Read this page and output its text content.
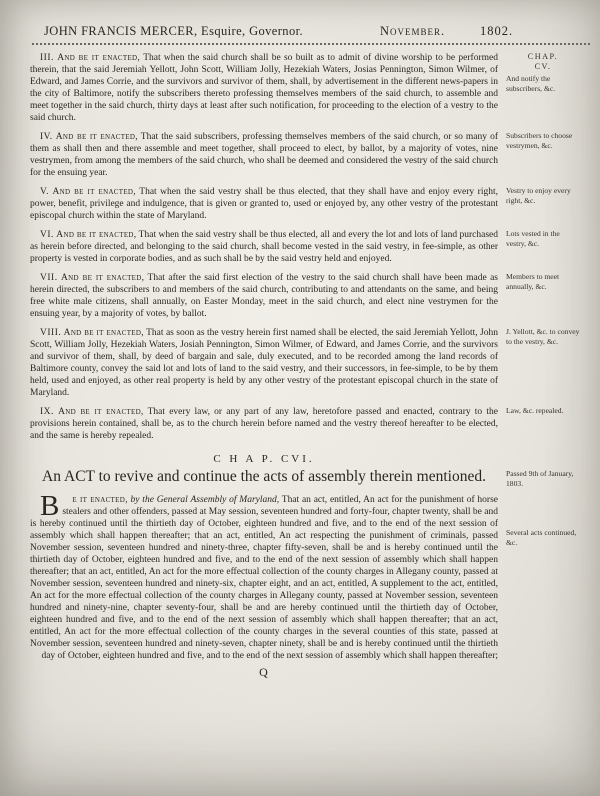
JOHN FRANCIS MERCER, Esquire, Governor.	November.	1802.

III. And be it enacted, That when the said church shall be so built as to admit of divine worship to be performed therein, that the said Jeremiah Yellott, John Scott, William Jolly, Hezekiah Waters, Josias Pennington, Simon Wilmer, of Edward, and James Corrie, and the survivors and survivor of them, shall, by advertisement in the different news-papers in the city of Baltimore, notify the subscribers thereto professing themselves members of the said church, to assemble and meet together in the said church, thirty days at least after such notification, for proceeding to the election of a vestry to the said church.

CHAP.
CV.
And notify the subscribers, &c.

IV. And be it enacted, That the said subscribers, professing themselves members of the said church, or so many of them as shall then and there assemble and meet together, shall proceed to elect, by ballot, by a majority of votes, nine vestrymen, from among the members of the said church, who shall be deemed and considered the vestry of the said church for the ensuing year.

Subscribers to choose vestrymen, &c.

V. And be it enacted, That when the said vestry shall be thus elected, that they shall have and enjoy every right, power, benefit, privilege and indulgence, that is given or granted to, used or enjoyed by, any other vestry of the protestant episcopal church within the state of Maryland.

Vestry to enjoy every right, &c.

VI. And be it enacted, That when the said vestry shall be thus elected, all and every the lot and lots of land purchased as herein before directed, and belonging to the said church, shall become vested in the said vestry, in fee-simple, as other property is vested in corporate bodies, and as such shall be by the said vestry held and enjoyed.

Lots vested in the vestry, &c.

VII. And be it enacted, That after the said first election of the vestry to the said church shall have been made as herein directed, the subscribers to and members of the said church, contributing to and attendants on the same, and being free white male citizens, shall annually, on Easter Monday, meet in the said church, and elect nine vestrymen for the ensuing year, by a majority of votes, by ballot.

Members to meet annually, &c.

VIII. And be it enacted, That as soon as the vestry herein first named shall be elected, the said Jeremiah Yellott, John Scott, William Jolly, Hezekiah Waters, Josiah Pennington, Simon Wilmer, of Edward, and James Corrie, and the survivors and survivor of them, shall, by deed of bargain and sale, duly executed, and to be recorded among the land records of Baltimore county, convey the said lot and lots of land to the said vestry, and their successors, in fee-simple, to be by them held, used and enjoyed, as other real property is held by any other vestry of the protestant episcopal church in the state of Maryland.

J. Yellott, &c. to convey to the vestry, &c.

IX. And be it enacted, That every law, or any part of any law, heretofore passed and enacted, contrary to the provisions herein contained, shall be, as to the church herein before named and the vestry thereof hereafter to be elected, and the same is hereby repealed.

Law, &c. repealed.

C H A P. CVI.

An ACT to revive and continue the acts of assembly therein mentioned.	Passed 9th of January, 1803.

B	e it enacted, by the General Assembly of Maryland, That an act, entitled, An act for the punishment of horse stealers and other offenders, passed at May session, seventeen hundred and forty-four, chapter twenty, shall be and is hereby continued until the thirtieth day of October, eighteen hundred and five, and to the end of the next session of assembly which shall happen thereafter; that an act, entitled, An act respecting the punishment of criminals, passed November session, seventeen hundred and ninety-three, chapter fifty-seven, shall be and is hereby continued until the thirtieth day of October, eighteen hundred and five, and to the end of the next session of assembly which shall happen thereafter; that an act, entitled, An act for the more effectual collection of the county charges in Allegany county, passed at November session, seventeen hundred and ninety-six, chapter eight, and an act, entitled, A supplement to the act, entitled, An act for the more effectual collection of the county charges in Allegany county, passed at November session, seventeen hundred and ninety-nine, chapter seventy-four, shall be and are hereby continued until the thirtieth day of October, eighteen hundred and five, and to the end of the next session of assembly which shall happen thereafter; that an act, entitled, An act for the more effectual collection of the county charges in the several counties of this state, passed at November session, seventeen hundred and ninety-seven, chapter ninety, shall be and is hereby continued until the thirtieth day of October, eighteen hundred and five, and to the end of the next session of assembly which shall happen thereafter;

Several acts continued, &c.
Q
